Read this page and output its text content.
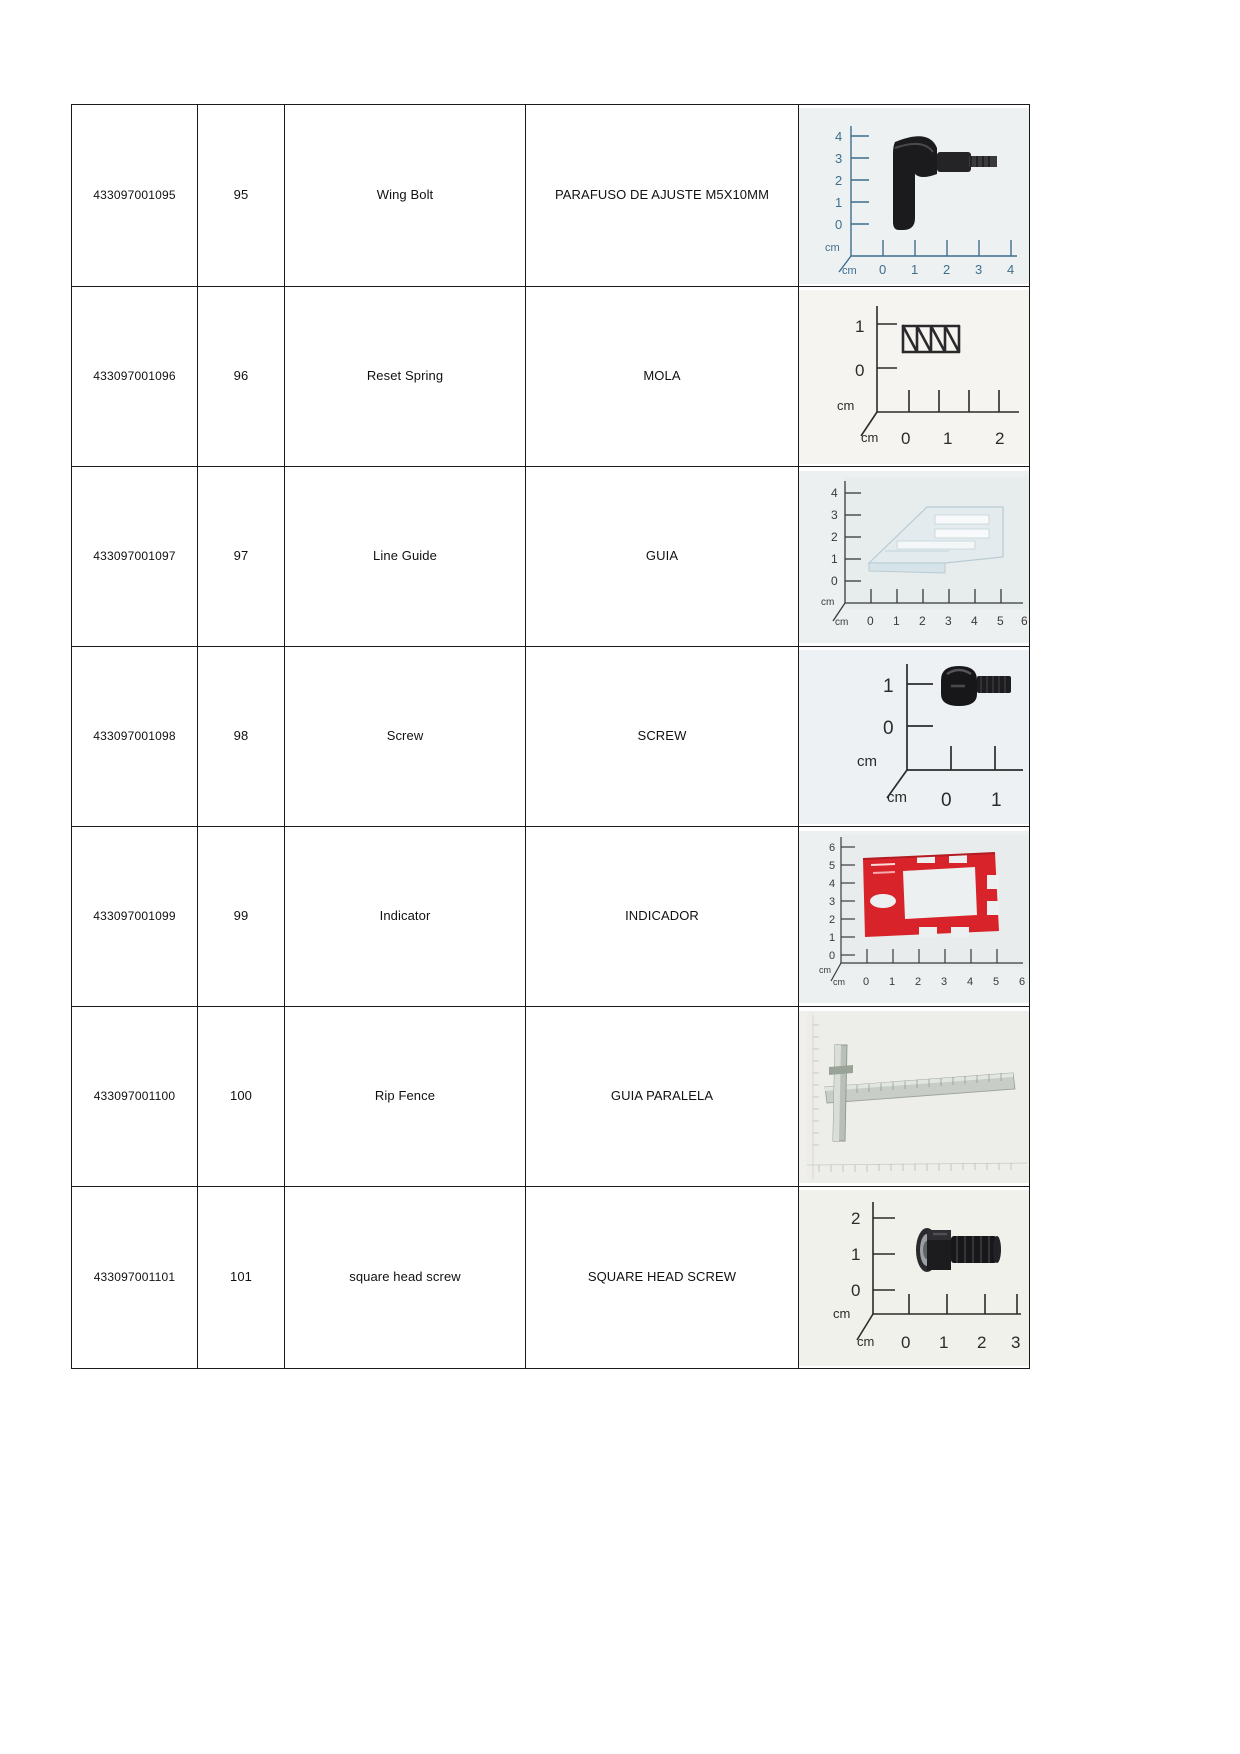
433097001095	95	Wing Bolt	PARAFUSO DE AJUSTE M5X10MM

4
3
2
1
0
cm
cm 0 1 2 3 4

433097001096	96	Reset Spring	MOLA

1
0
cm
cm 0 1	2

433097001097	97	Line Guide	GUIA

4
3
2
1
0
cm
cm 0 1 2 3 4 5 6

433097001098	98	Screw	SCREW

1
0
cm
cm 0 1

433097001099	99	Indicator	INDICADOR

6
5
4
3
2
1
0
cm
cm 0 1 2 3 4 5 6

433097001100	100	Rip Fence	GUIA PARALELA

433097001101	101	square head screw	SQUARE HEAD SCREW

2
1
0
cm
cm 0 1 2 3
